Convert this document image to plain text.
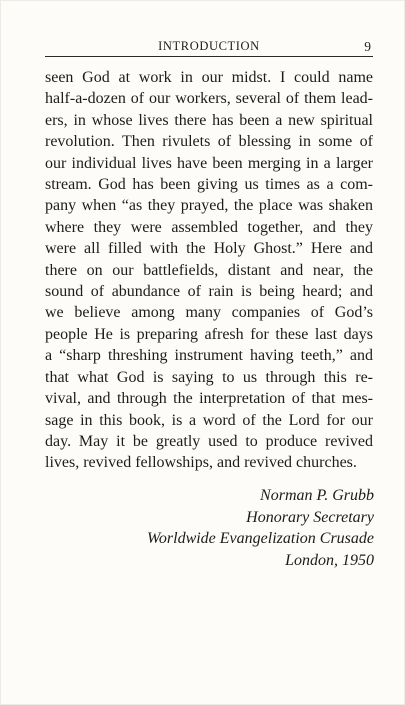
INTRODUCTION	9
seen God at work in our midst. I could name
half-a-dozen of our workers, several of them lead-
ers, in whose lives there has been a new spiritual
revolution. Then rivulets of blessing in some of
our individual lives have been merging in a larger
stream. God has been giving us times as a com-
pany when “as they prayed, the place was shaken
where they were assembled together, and they
were all filled with the Holy Ghost.” Here and
there on our battlefields, distant and near, the
sound of abundance of rain is being heard; and
we believe among many companies of God’s
people He is preparing afresh for these last days
a “sharp threshing instrument having teeth,” and
that what God is saying to us through this re-
vival, and through the interpretation of that mes-
sage in this book, is a word of the Lord for our
day. May it be greatly used to produce revived
lives, revived fellowships, and revived churches.
Norman P. Grubb
Honorary Secretary
Worldwide Evangelization Crusade
London, 1950
